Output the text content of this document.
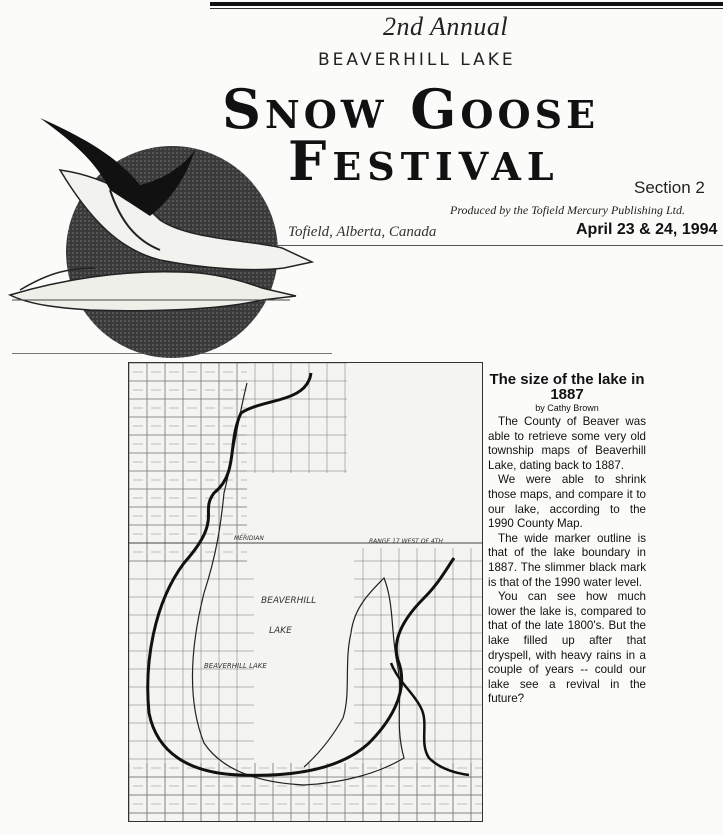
2nd Annual
BEAVERHILL LAKE
Snow Goose
Festival	Section 2
Produced by the Tofield Mercury Publishing Ltd.
Tofield, Alberta, Canada	April 23 & 24, 1994
BEAVERHILL
LAKE
BEAVERHILL LAKE
MERIDIAN	RANGE 17 WEST OF 4TH
The size of the lake in 1887
by Cathy Brown

The County of Beaver was able to retrieve some very old township maps of Beaverhill Lake, dating back to 1887.

We were able to shrink those maps, and compare it to our lake, according to the 1990 County Map.

The wide marker outline is that of the lake boundary in 1887. The slimmer black mark is that of the 1990 water level.

You can see how much lower the lake is, compared to that of the late 1800's. But the lake filled up after that dryspell, with heavy rains in a couple of years -- could our lake see a revival in the future?
